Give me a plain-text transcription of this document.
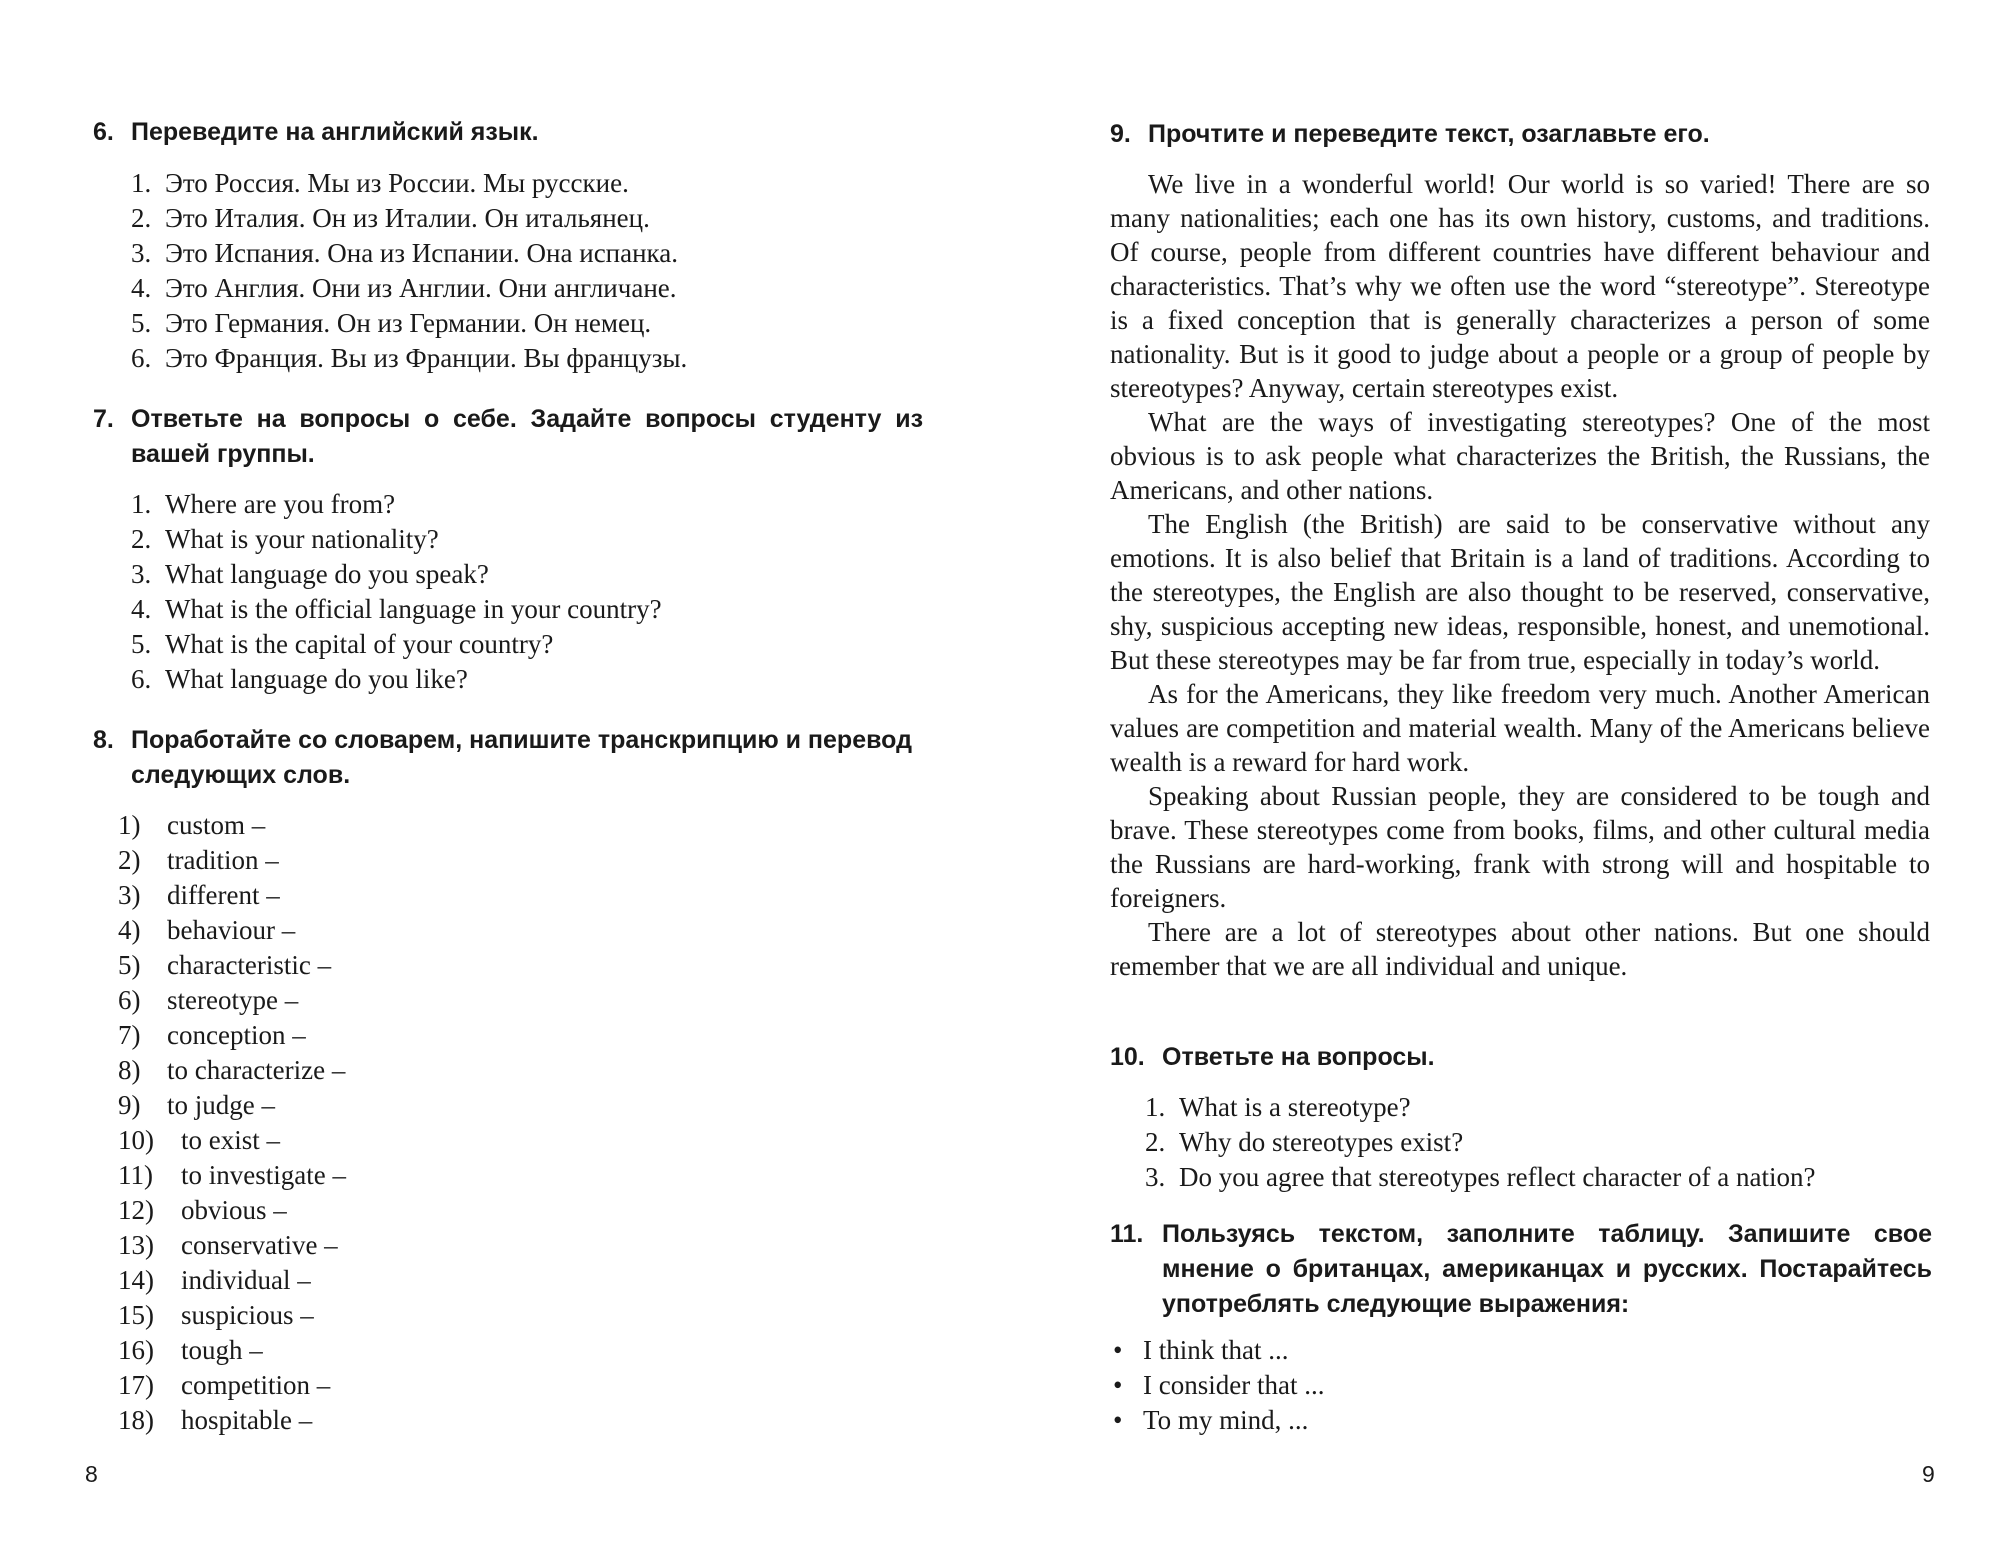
6. Переведите на английский язык.
1. Это Россия. Мы из России. Мы русские.
2. Это Италия. Он из Италии. Он итальянец.
3. Это Испания. Она из Испании. Она испанка.
4. Это Англия. Они из Англии. Они англичане.
5. Это Германия. Он из Германии. Он немец.
6. Это Франция. Вы из Франции. Вы французы.
7. Ответьте на вопросы о себе. Задайте вопросы студенту из вашей группы.
1. Where are you from?
2. What is your nationality?
3. What language do you speak?
4. What is the official language in your country?
5. What is the capital of your country?
6. What language do you like?
8. Поработайте со словарем, напишите транскрипцию и перевод следующих слов.
1) custom –
2) tradition –
3) different –
4) behaviour –
5) characteristic –
6) stereotype –
7) conception –
8) to characterize –
9) to judge –
10) to exist –
11) to investigate –
12) obvious –
13) conservative –
14) individual –
15) suspicious –
16) tough –
17) competition –
18) hospitable –
8
9. Прочтите и переведите текст, озаглавьте его.

We live in a wonderful world! Our world is so varied! There are so many nationalities; each one has its own history, customs, and traditions. Of course, people from different countries have different behaviour and characteristics. That’s why we often use the word “stereotype”. Stereotype is a fixed conception that is generally characterizes a person of some nationality. But is it good to judge about a people or a group of people by stereotypes? Anyway, certain stereotypes exist.

What are the ways of investigating stereotypes? One of the most obvious is to ask people what characterizes the British, the Russians, the Americans, and other nations.

The English (the British) are said to be conservative without any emotions. It is also belief that Britain is a land of traditions. According to the stereotypes, the English are also thought to be reserved, conservative, shy, suspicious accepting new ideas, responsible, honest, and unemotional. But these stereotypes may be far from true, especially in today’s world.

As for the Americans, they like freedom very much. Another American values are competition and material wealth. Many of the Americans believe wealth is a reward for hard work.

Speaking about Russian people, they are considered to be tough and brave. These stereotypes come from books, films, and other cultural media the Russians are hard-working, frank with strong will and hospitable to foreigners.

There are a lot of stereotypes about other nations. But one should remember that we are all individual and unique.

10. Ответьте на вопросы.
1. What is a stereotype?
2. Why do stereotypes exist?
3. Do you agree that stereotypes reflect character of a nation?
11. Пользуясь текстом, заполните таблицу. Запишите свое мнение о британцах, американцах и русских. Постарайтесь употреблять следующие выражения:
• I think that ...
• I consider that ...
• To my mind, ...
9
